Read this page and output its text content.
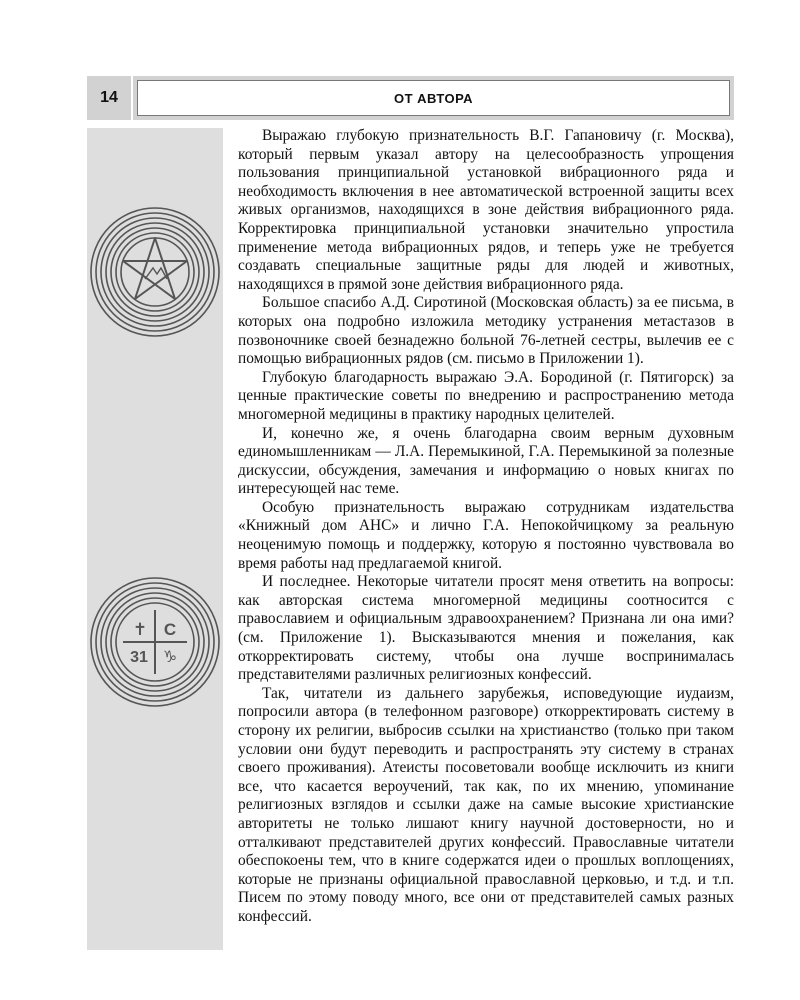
14	ОТ АВТОРА
✝ С
31 ♑

Выражаю глубокую признательность В.Г. Гапановичу (г. Москва), который первым указал автору на целесообразность упрощения пользования принципиальной установкой вибрационного ряда и необходимость включения в нее автоматической встроенной защиты всех живых организмов, находящихся в зоне действия вибрационного ряда. Корректировка принципиальной установки значительно упростила применение метода вибрационных рядов, и теперь уже не требуется создавать специальные защитные ряды для людей и животных, находящихся в прямой зоне действия вибрационного ряда.

Большое спасибо А.Д. Сиротиной (Московская область) за ее письма, в которых она подробно изложила методику устранения метастазов в позвоночнике своей безнадежно больной 76-летней сестры, вылечив ее с помощью вибрационных рядов (см. письмо в Приложении 1).

Глубокую благодарность выражаю Э.А. Бородиной (г. Пятигорск) за ценные практические советы по внедрению и распространению метода многомерной медицины в практику народных целителей.

И, конечно же, я очень благодарна своим верным духовным единомышленникам — Л.А. Перемыкиной, Г.А. Перемыкиной за полезные дискуссии, обсуждения, замечания и информацию о новых книгах по интересующей нас теме.

Особую признательность выражаю сотрудникам издательства «Книжный дом АНС» и лично Г.А. Непокойчицкому за реальную неоценимую помощь и поддержку, которую я постоянно чувствовала во время работы над предлагаемой книгой.

И последнее. Некоторые читатели просят меня ответить на вопросы: как авторская система многомерной медицины соотносится с православием и официальным здравоохранением? Признана ли она ими? (см. Приложение 1). Высказываются мнения и пожелания, как откорректировать систему, чтобы она лучше воспринималась представителями различных религиозных конфессий.

Так, читатели из дальнего зарубежья, исповедующие иудаизм, попросили автора (в телефонном разговоре) откорректировать систему в сторону их религии, выбросив ссылки на христианство (только при таком условии они будут переводить и распространять эту систему в странах своего проживания). Атеисты посоветовали вообще исключить из книги все, что касается вероучений, так как, по их мнению, упоминание религиозных взглядов и ссылки даже на самые высокие христианские авторитеты не только лишают книгу научной достоверности, но и отталкивают представителей других конфессий. Православные читатели обеспокоены тем, что в книге содержатся идеи о прошлых воплощениях, которые не признаны официальной православной церковью, и т.д. и т.п. Писем по этому поводу много, все они от представителей самых разных конфессий.
